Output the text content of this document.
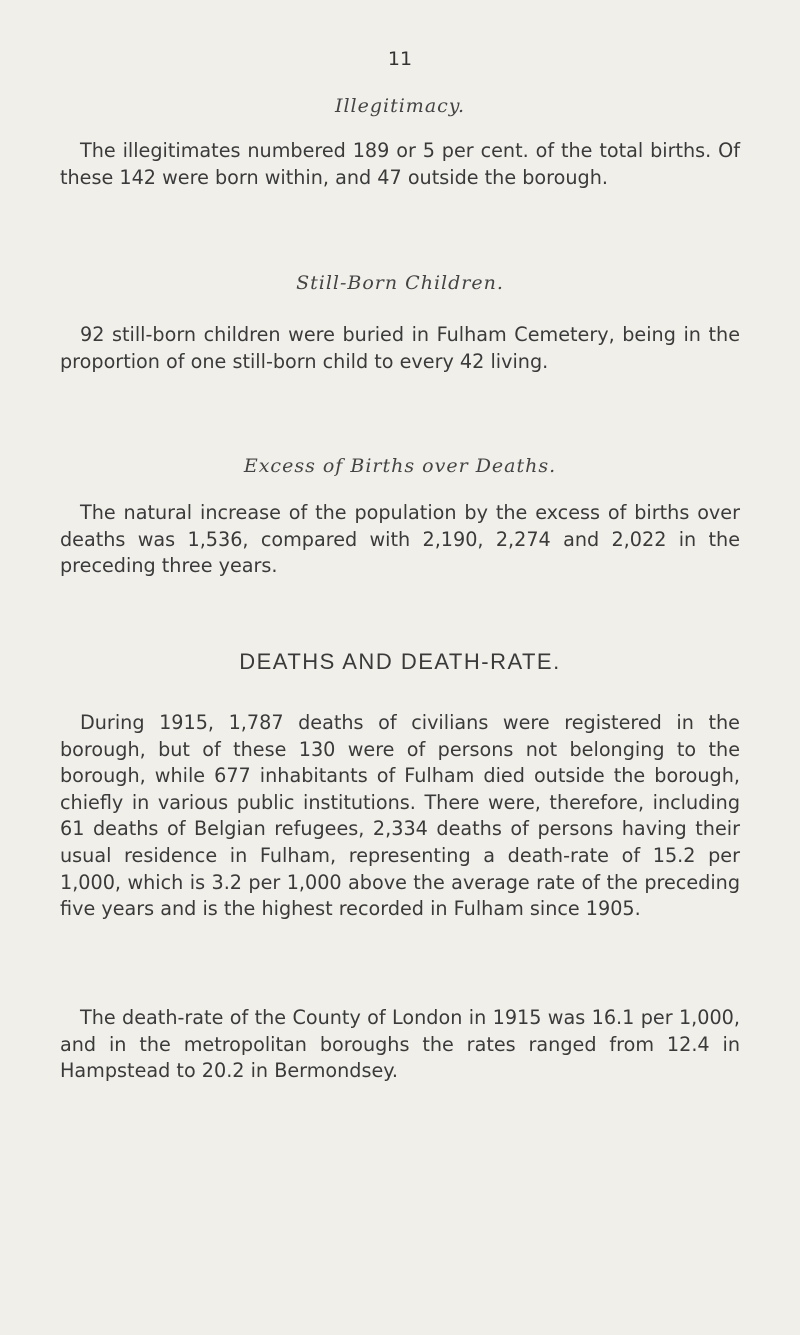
11
Illegitimacy.

The illegitimates numbered 189 or 5 per cent. of the total births. Of these 142 were born within, and 47 outside the borough.

Still-Born Children.

92 still-born children were buried in Fulham Cemetery, being in the proportion of one still-born child to every 42 living.

Excess of Births over Deaths.

The natural increase of the population by the excess of births over deaths was 1,536, compared with 2,190, 2,274 and 2,022 in the preceding three years.

DEATHS AND DEATH-RATE.

During 1915, 1,787 deaths of civilians were registered in the borough, but of these 130 were of persons not belonging to the borough, while 677 inhabitants of Fulham died outside the borough, chiefly in various public institutions. There were, therefore, including 61 deaths of Belgian refugees, 2,334 deaths of persons having their usual residence in Fulham, representing a death-rate of 15.2 per 1,000, which is 3.2 per 1,000 above the average rate of the preceding five years and is the highest recorded in Fulham since 1905.

The death-rate of the County of London in 1915 was 16.1 per 1,000, and in the metropolitan boroughs the rates ranged from 12.4 in Hampstead to 20.2 in Bermondsey.
